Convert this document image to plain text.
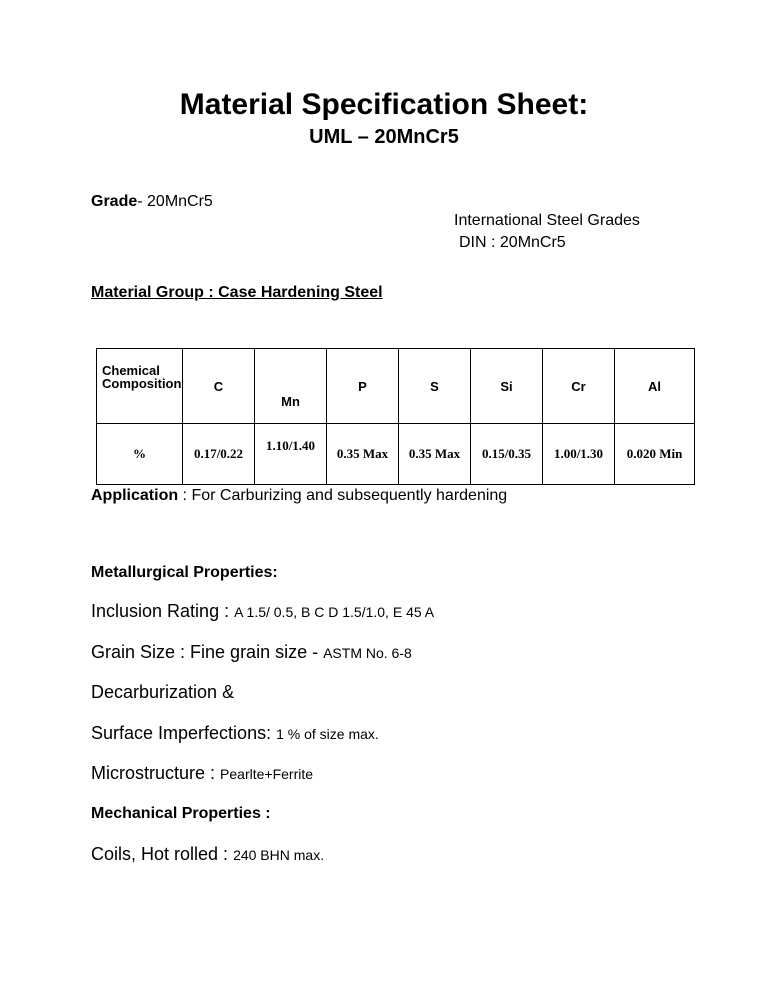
Material Specification Sheet:
UML – 20MnCr5
Grade- 20MnCr5
International Steel Grades
DIN : 20MnCr5
Material Group : Case Hardening Steel
Chemical
Composition	C	Mn	P	S	Si	Cr	Al
%	0.17/0.22	1.10/1.40	0.35 Max	0.35 Max	0.15/0.35	1.00/1.30	0.020 Min
Application : For Carburizing and subsequently hardening
Metallurgical Properties:
Inclusion Rating : A 1.5/ 0.5, B C D 1.5/1.0, E 45 A
Grain Size : Fine grain size - ASTM No. 6-8
Decarburization &
Surface Imperfections: 1 % of size max.
Microstructure : Pearlte+Ferrite
Mechanical Properties :
Coils, Hot rolled : 240 BHN max.
